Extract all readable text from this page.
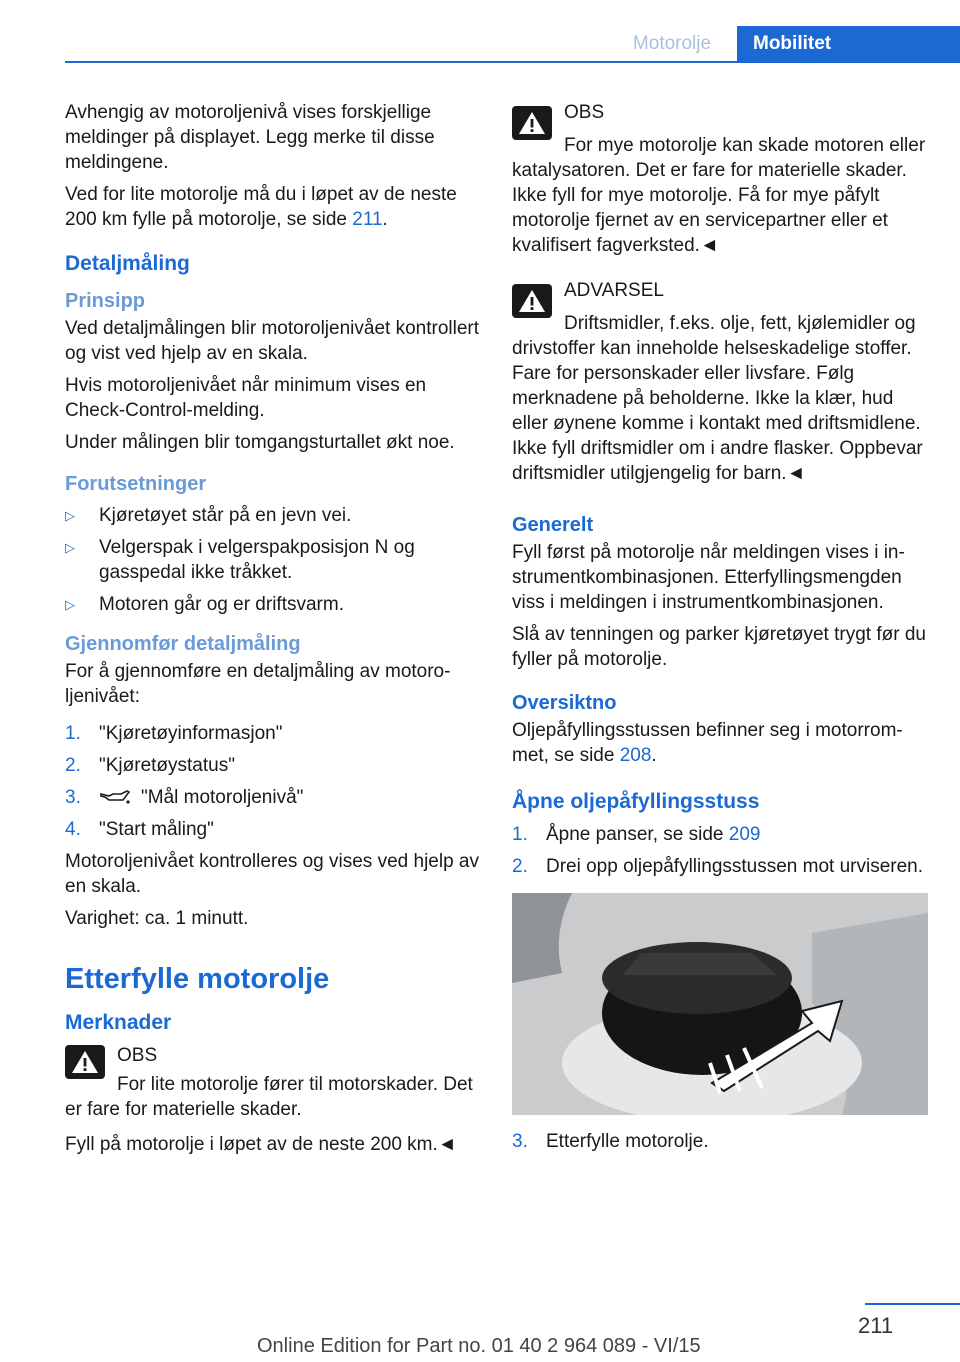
Motorolje	Mobilitet

Avhengig av motoroljenivå vises forskjellige meldinger på displayet. Legg merke til disse meldingene.

Ved for lite motorolje må du i løpet av de neste 200 km fylle på motorolje, se side 211.

Detaljmåling
Prinsipp

Ved detaljmålingen blir motoroljenivået kontrollert og vist ved hjelp av en skala.

Hvis motoroljenivået når minimum vises en Check-Control-melding.

Under målingen blir tomgangsturtallet økt noe.

Forutsetninger
▷ Kjøretøyet står på en jevn vei.
▷ Velgerspak i velgerspakposisjon N og gasspedal ikke tråkket.
▷ Motoren går og er driftsvarm.
Gjennomfør detaljmåling

For å gjennomføre en detaljmåling av motoroljenivået:

1. "Kjøretøyinformasjon"
2. "Kjøretøystatus"
3.	"Mål motoroljenivå"
4. "Start måling"

Motoroljenivået kontrolleres og vises ved hjelp av en skala.

Varighet: ca. 1 minutt.

Etterfylle motorolje
Merknader

OBS

For lite motorolje fører til motorskader. Det er fare for materielle skader.

Fyll på motorolje i løpet av de neste 200 km.◄

OBS

For mye motorolje kan skade motoren eller katalysatoren. Det er fare for materielle skader. Ikke fyll for mye motorolje. Få for mye påfylt motorolje fjernet av en servicepartner eller et kvalifisert fagverksted.◄

ADVARSEL

Driftsmidler, f.eks. olje, fett, kjølemidler og drivstoffer kan inneholde helseskadelige stoffer. Fare for personskader eller livsfare. Følg merknadene på beholderne. Ikke la klær, hud eller øynene komme i kontakt med driftsmidlene. Ikke fyll driftsmidler om i andre flasker. Oppbevar driftsmidler utilgjengelig for barn.◄

Generelt

Fyll først på motorolje når meldingen vises i instrumentkombinasjonen. Etterfyllingsmengden viss i meldingen i instrumentkombinasjonen.

Slå av tenningen og parker kjøretøyet trygt før du fyller på motorolje.

Oversiktno

Oljepåfyllingsstussen befinner seg i motorrommet, se side 208.

Åpne oljepåfyllingsstuss
1. Åpne panser, se side 209
2. Drei opp oljepåfyllingsstussen mot urviseren.
3. Etterfylle motorolje.
211
Online Edition for Part no. 01 40 2 964 089 - VI/15
